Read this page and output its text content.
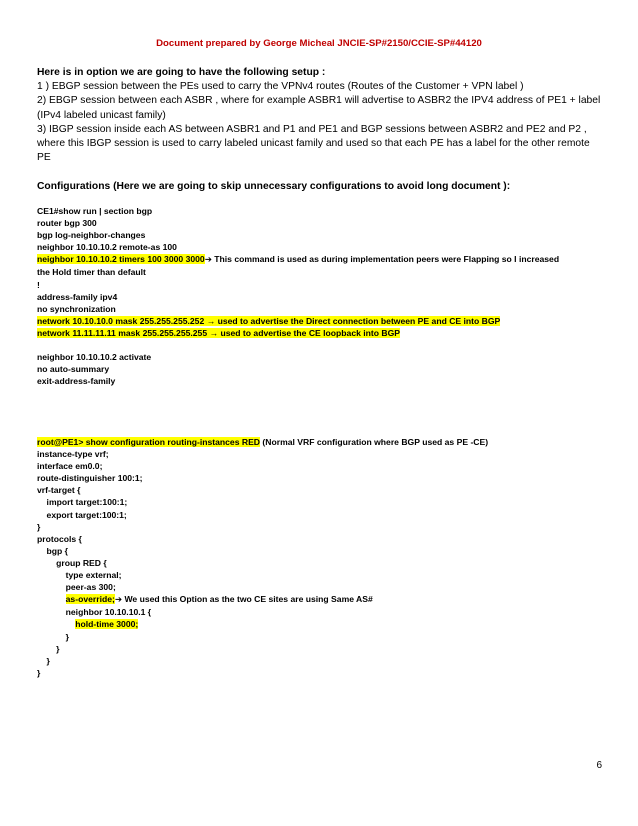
Document prepared by George Micheal JNCIE-SP#2150/CCIE-SP#44120
Here is in option we are going to have the following setup :
1 ) EBGP session between the PEs used to carry the VPNv4 routes (Routes of the Customer + VPN label )
2) EBGP session between each ASBR , where for example ASBR1 will advertise to ASBR2 the IPV4 address of PE1 + label
(IPv4 labeled unicast family)
3) IBGP session inside each AS between ASBR1 and P1 and PE1 and BGP sessions between ASBR2 and PE2 and P2 ,
where this IBGP session is used to carry labeled unicast family and used so that each PE has a label for the other remote
PE
Configurations (Here we are going to skip unnecessary configurations to avoid long document ):
CE1#show run | section bgp
router bgp 300
bgp log-neighbor-changes
neighbor 10.10.10.2 remote-as 100
neighbor 10.10.10.2 timers 100 3000 3000➔ This command is used as during implementation peers were Flapping so I increased
the Hold timer than default
!
address-family ipv4
no synchronization
network 10.10.10.0 mask 255.255.255.252 → used to advertise the Direct connection between PE and CE into BGP
network 11.11.11.11 mask 255.255.255.255 → used to advertise the CE loopback into BGP
neighbor 10.10.10.2 activate
no auto-summary
exit-address-family
root@PE1> show configuration routing-instances RED (Normal VRF configuration where BGP used as PE -CE)
instance-type vrf;
interface em0.0;
route-distinguisher 100:1;
vrf-target {
import target:100:1;
export target:100:1;
}
protocols {
bgp {
group RED {
type external;
peer-as 300;
as-override;➔ We used this Option as the two CE sites are using Same AS#
neighbor 10.10.10.1 {
hold-time 3000;
}
}
}
}
6
